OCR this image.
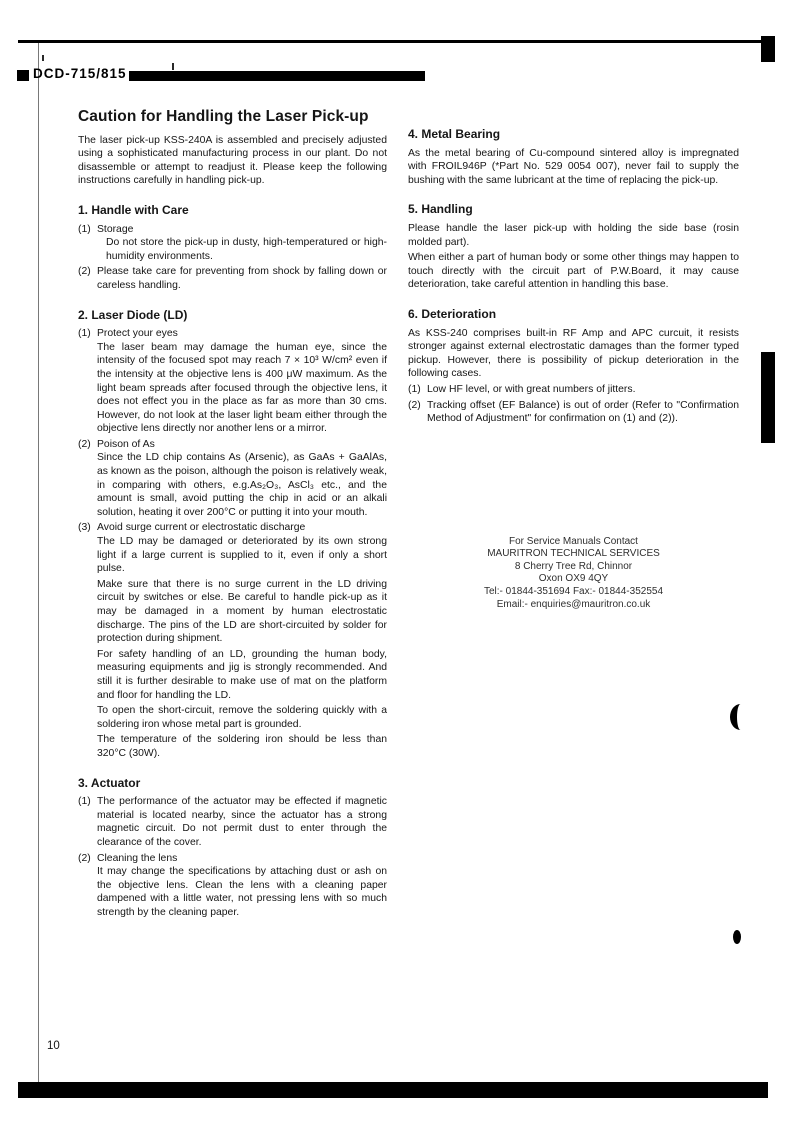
DCD-715/815
10
Caution for Handling the Laser Pick-up

The laser pick-up KSS-240A is assembled and precisely adjusted using a sophisticated manufacturing process in our plant. Do not disassemble or attempt to readjust it. Please keep the following instructions carefully in handling pick-up.

1. Handle with Care
(1) Storage
Do not store the pick-up in dusty, high-temperatured or high-humidity environments.
(2) Please take care for preventing from shock by falling down or careless handling.
2. Laser Diode (LD)
(1) Protect your eyes
The laser beam may damage the human eye, since the intensity of the focused spot may reach 7 × 10³ W/cm² even if the intensity at the objective lens is 400 μW maximum. As the light beam spreads after focused through the objective lens, it does not effect you in the place as far as more than 30 cms. However, do not look at the laser light beam either through the objective lens directly nor another lens or a mirror.
(2) Poison of As
Since the LD chip contains As (Arsenic), as GaAs + GaAlAs, as known as the poison, although the poison is relatively weak, in comparing with others, e.g.As₂O₃, AsCl₃ etc., and the amount is small, avoid putting the chip in acid or an alkali solution, heating it over 200°C or putting it into your mouth.
(3) Avoid surge current or electrostatic discharge
The LD may be damaged or deteriorated by its own strong light if a large current is supplied to it, even if only a short pulse.
Make sure that there is no surge current in the LD driving circuit by switches or else. Be careful to handle pick-up as it may be damaged in a moment by human electrostatic discharge. The pins of the LD are short-circuited by solder for protection during shipment.
For safety handling of an LD, grounding the human body, measuring equipments and jig is strongly recommended. And still it is further desirable to make use of mat on the platform and floor for handling the LD.
To open the short-circuit, remove the soldering quickly with a soldering iron whose metal part is grounded.
The temperature of the soldering iron should be less than 320°C (30W).
3. Actuator
(1) The performance of the actuator may be effected if magnetic material is located nearby, since the actuator has a strong magnetic circuit. Do not permit dust to enter through the clearance of the cover.
(2) Cleaning the lens
It may change the specifications by attaching dust or ash on the objective lens. Clean the lens with a cleaning paper dampened with a little water, not pressing lens with so much strength by the cleaning paper.
4. Metal Bearing

As the metal bearing of Cu-compound sintered alloy is impregnated with FROIL946P (*Part No. 529 0054 007), never fail to supply the bushing with the same lubricant at the time of replacing the pick-up.

5. Handling

Please handle the laser pick-up with holding the side base (rosin molded part).

When either a part of human body or some other things may happen to touch directly with the circuit part of P.W.Board, it may cause deterioration, take careful attention in handling this base.

6. Deterioration

As KSS-240 comprises built-in RF Amp and APC curcuit, it resists stronger against external electrostatic damages than the former typed pickup. However, there is possibility of pickup deterioration in the following cases.

(1) Low HF level, or with great numbers of jitters.
(2) Tracking offset (EF Balance) is out of order (Refer to "Confirmation Method of Adjustment" for confirmation on (1) and (2)).
For Service Manuals Contact
MAURITRON TECHNICAL SERVICES
8 Cherry Tree Rd, Chinnor
Oxon OX9 4QY
Tel:- 01844-351694 Fax:- 01844-352554
Email:- enquiries@mauritron.co.uk
